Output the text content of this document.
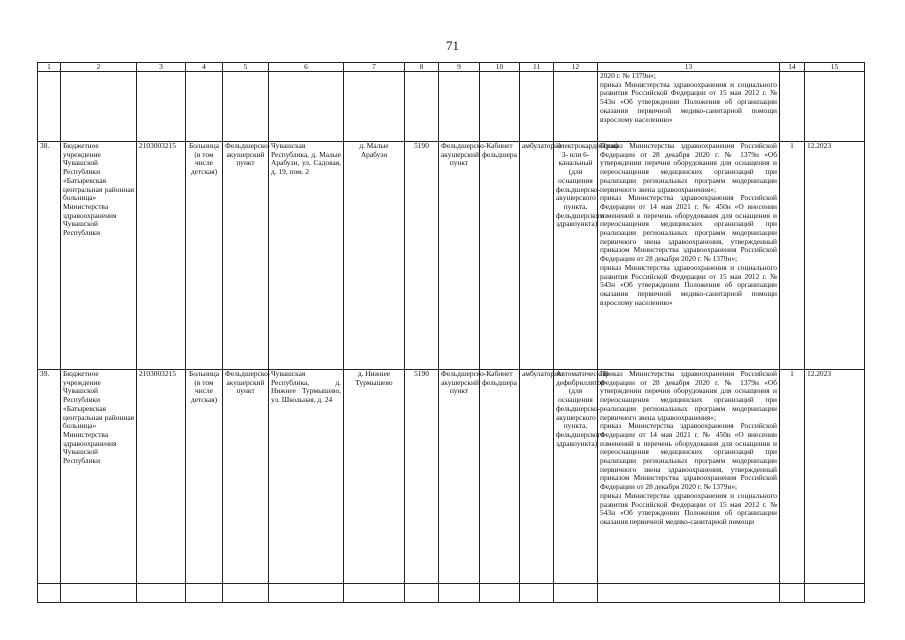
71
1	2	3	4	5	6	7	8	9	10	11	12	13	14	15
												2020 г. № 1379н»;
приказ Министерства здравоохранения и социального развития Российской Федерации от 15 мая 2012 г. № 543н «Об утверждении Положения об организации оказания первичной медико-санитарной помощи взрослому населению»		
38.	Бюджетное учреждение Чувашской Республики «Батыревская центральная районная больница» Министерства здравоохранения Чувашской Республики	2103003215	Больница (в том числе детская)	Фельдшерско-акушерский пункт	Чувашская Республика, д. Малые Арабузи, ул. Садовая, д. 19, пом. 2	д. Малые Арабузи	5190	Фельдшерско-акушерский пункт	Кабинет фельдшера	амбулаторно	Электрокардиограф 3- или 6-канальный (для оснащения фельдшерско-акушерского пункта, фельдшерского здравпункта)	Приказ Министерства здравоохранения Российской Федерации от 28 декабря 2020 г. № 1379н «Об утверждении перечня оборудования для оснащения и переоснащения медицинских организаций при реализации региональных программ модернизации первичного звена здравоохранения»;
приказ Министерства здравоохранения Российской Федерации от 14 мая 2021 г. № 450н «О внесении изменений в перечень оборудования для оснащения и переоснащения медицинских организаций при реализации региональных программ модернизации первичного звена здравоохранения, утвержденный приказом Министерства здравоохранения Российской Федерации от 28 декабря 2020 г. № 1379н»;
приказ Министерства здравоохранения и социального развития Российской Федерации от 15 мая 2012 г. № 543н «Об утверждении Положения об организации оказания первичной медико-санитарной помощи взрослому населению»	1	12.2023
39.	Бюджетное учреждение Чувашской Республики «Батыревская центральная районная больница» Министерства здравоохранения Чувашской Республики	2103003215	Больница (в том числе детская)	Фельдшерско-акушерский пункт	Чувашская Республика, д. Нижнее Турмышево, ул. Школьная, д. 24	д. Нижнее Турмышево	5190	Фельдшерско-акушерский пункт	Кабинет фельдшера	амбулаторно	Автоматический дефибриллятор (для оснащения фельдшерско-акушерского пункта, фельдшерского здравпункта)	Приказ Министерства здравоохранения Российской Федерации от 28 декабря 2020 г. № 1379н «Об утверждении перечня оборудования для оснащения и переоснащения медицинских организаций при реализации региональных программ модернизации первичного звена здравоохранения»;
приказ Министерства здравоохранения Российской Федерации от 14 мая 2021 г. № 450н «О внесении изменений в перечень оборудования для оснащения и переоснащения медицинских организаций при реализации региональных программ модернизации первичного звена здравоохранения, утвержденный приказом Министерства здравоохранения Российской Федерации от 28 декабря 2020 г. № 1379н»;
приказ Министерства здравоохранения и социального развития Российской Федерации от 15 мая 2012 г. № 543н «Об утверждении Положения об организации оказания первичной медико-санитарной помощи	1	12.2023
